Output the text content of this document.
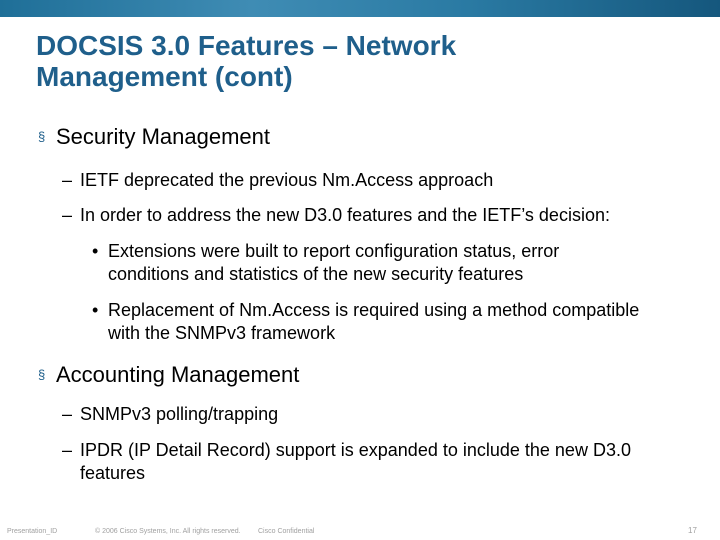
DOCSIS 3.0 Features – Network
Management (cont)
§ Security Management
– IETF deprecated the previous Nm.Access approach
– In order to address the new D3.0 features and the IETF’s decision:
• Extensions were built to report configuration status, error
conditions and statistics of the new security features
• Replacement of Nm.Access is required using a method compatible
with the SNMPv3 framework
§ Accounting Management
– SNMPv3 polling/trapping
– IPDR (IP Detail Record) support is expanded to include the new D3.0
features
Presentation_ID	© 2006 Cisco Systems, Inc. All rights reserved. Cisco Confidential	17
